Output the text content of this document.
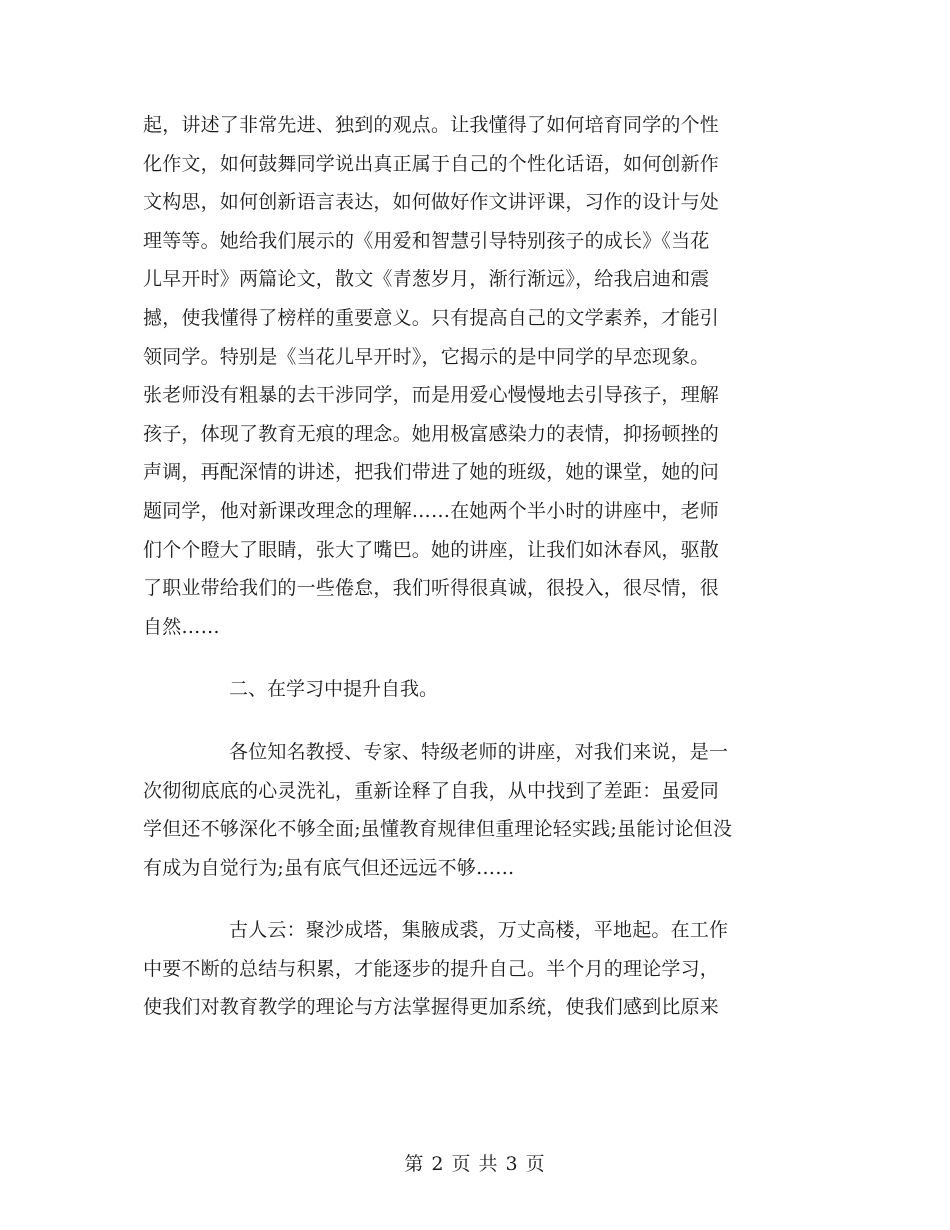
起，讲述了非常先进、独到的观点。让我懂得了如何培育同学的个性
化作文，如何鼓舞同学说出真正属于自己的个性化话语，如何创新作
文构思，如何创新语言表达，如何做好作文讲评课，习作的设计与处
理等等。她给我们展示的《用爱和智慧引导特别孩子的成长》《当花
儿早开时》两篇论文，散文《青葱岁月，渐行渐远》，给我启迪和震
撼，使我懂得了榜样的重要意义。只有提高自己的文学素养，才能引
领同学。特别是《当花儿早开时》，它揭示的是中同学的早恋现象。
张老师没有粗暴的去干涉同学，而是用爱心慢慢地去引导孩子，理解
孩子，体现了教育无痕的理念。她用极富感染力的表情，抑扬顿挫的
声调，再配深情的讲述，把我们带进了她的班级，她的课堂，她的问
题同学，他对新课改理念的理解……在她两个半小时的讲座中，老师
们个个瞪大了眼睛，张大了嘴巴。她的讲座，让我们如沐春风，驱散
了职业带给我们的一些倦怠，我们听得很真诚，很投入，很尽情，很
自然……

二、在学习中提升自我。

各位知名教授、专家、特级老师的讲座，对我们来说，是一
次彻彻底底的心灵洗礼，重新诠释了自我，从中找到了差距：虽爱同
学但还不够深化不够全面;虽懂教育规律但重理论轻实践;虽能讨论但没
有成为自觉行为;虽有底气但还远远不够……
古人云：聚沙成塔，集腋成裘，万丈高楼，平地起。在工作
中要不断的总结与积累，才能逐步的提升自己。半个月的理论学习，
使我们对教育教学的理论与方法掌握得更加系统，使我们感到比原来
第 2 页 共 3 页
